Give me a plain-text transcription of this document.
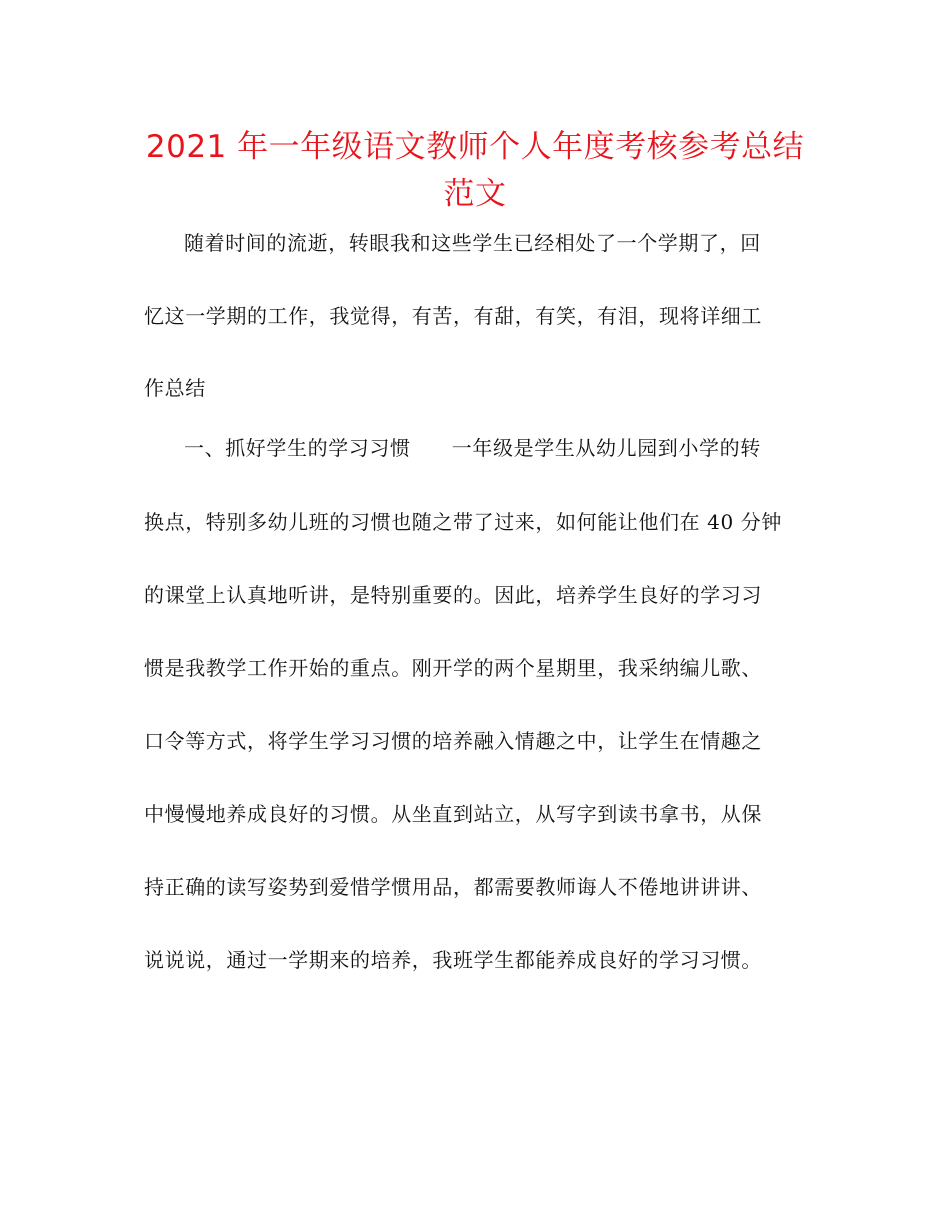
2021 年一年级语文教师个人年度考核参考总结
范文
随着时间的流逝，转眼我和这些学生已经相处了一个学期了，回
忆这一学期的工作，我觉得，有苦，有甜，有笑，有泪，现将详细工
作总结
一、抓好学生的学习习惯　　一年级是学生从幼儿园到小学的转
换点，特别多幼儿班的习惯也随之带了过来，如何能让他们在 40 分钟
的课堂上认真地听讲，是特别重要的。因此，培养学生良好的学习习
惯是我教学工作开始的重点。刚开学的两个星期里，我采纳编儿歌、
口令等方式，将学生学习习惯的培养融入情趣之中，让学生在情趣之
中慢慢地养成良好的习惯。从坐直到站立，从写字到读书拿书，从保
持正确的读写姿势到爱惜学惯用品，都需要教师诲人不倦地讲讲讲、
说说说，通过一学期来的培养，我班学生都能养成良好的学习习惯。
